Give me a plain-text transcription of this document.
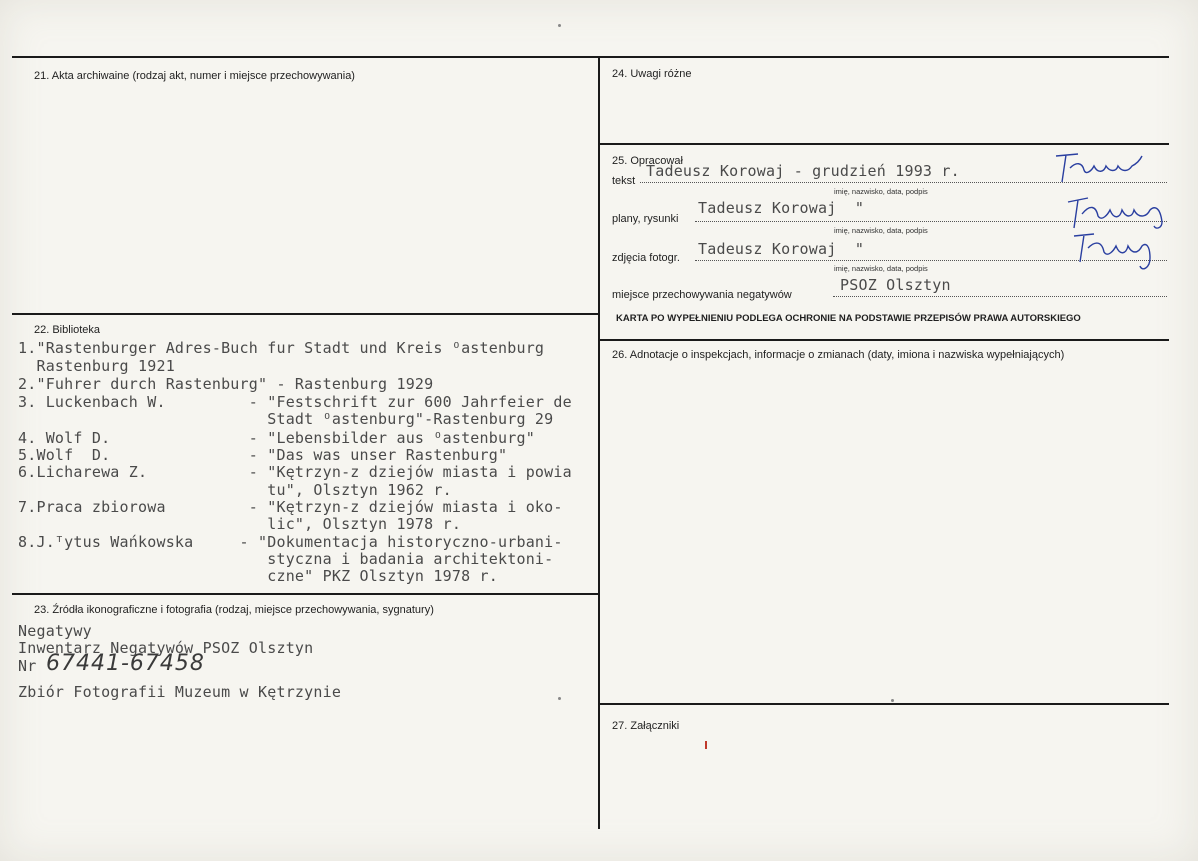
21. Akta archiwaine (rodzaj akt, numer i miejsce przechowywania)
22. Biblioteka
1."Rastenburger Adres-Buch fur Stadt und Kreis ᴼastenburg
Rastenburg 1921
2."Fuhrer durch Rastenburg" - Rastenburg 1929
3. Luckenbach W.         - "Festschrift zur 600 Jahrfeier de
Stadt ᴼastenburg"-Rastenburg 29
4. Wolf D.               - "Lebensbilder aus ᴼastenburg"
5.Wolf  D.               - "Das was unser Rastenburg"
6.Licharewa Z.           - "Kętrzyn-z dziejów miasta i powia
tu", Olsztyn 1962 r.
7.Praca zbiorowa         - "Kętrzyn-z dziejów miasta i oko-
lic", Olsztyn 1978 r.
8.J.ᵀytus Wańkowska     - "Dokumentacja historyczno-urbani-
styczna i badania architektoni-
czne" PKZ Olsztyn 1978 r.
23. Źródła ikonograficzne i fotografia (rodzaj, miejsce przechowywania, sygnatury)
Negatywy
Inwentarz Negatywów PSOZ Olsztyn
Nr 67441-67458
Zbiór Fotografii Muzeum w Kętrzynie
24. Uwagi różne
25. Opracował
tekst
Tadeusz Korowaj - grudzień 1993 r.
imię, nazwisko, data, podpis
plany, rysunki
Tadeusz Korowaj  "
imię, nazwisko, data, podpis
zdjęcia fotogr. Tadeusz Korowaj  "
imię, nazwisko, data, podpis
miejsce przechowywania negatywów
PSOZ Olsztyn
KARTA PO WYPEŁNIENIU PODLEGA OCHRONIE NA PODSTAWIE PRZEPISÓW PRAWA AUTORSKIEGO
26. Adnotacje o inspekcjach, informacje o zmianach (daty, imiona i nazwiska wypełniających)
27. Załączniki
